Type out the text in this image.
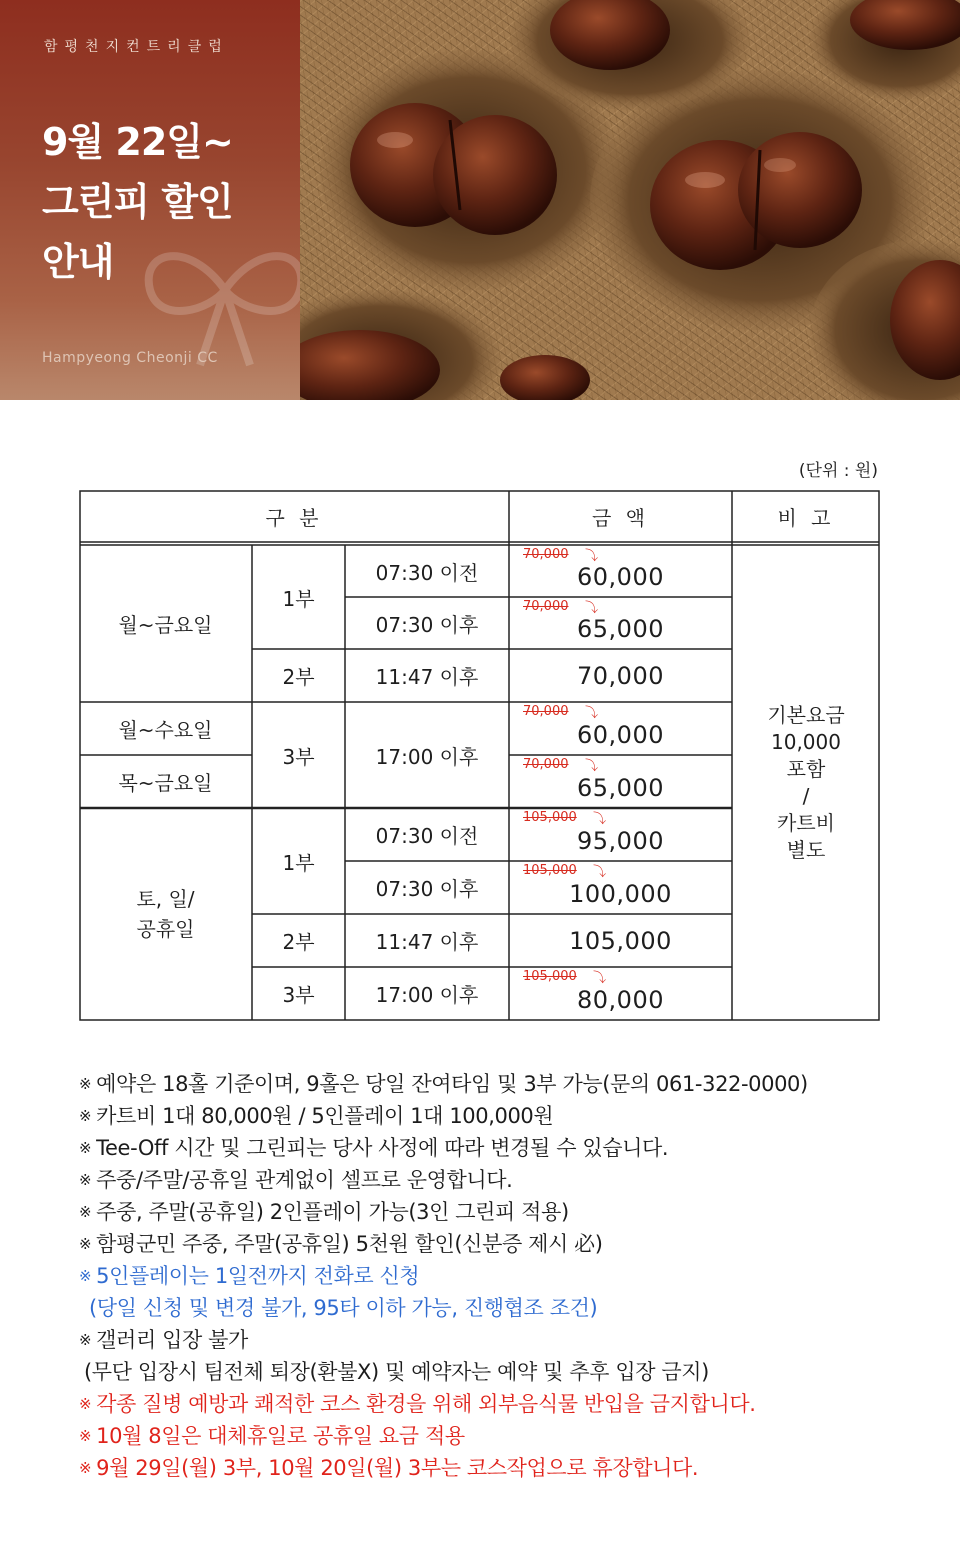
함평천지컨트리클럽
9월 22일~
그린피 할인
안내
Hampyeong Cheonji CC
(단위 : 원)
구 분	금 액	비 고
월~금요일
월~수요일
목~금요일
토, 일/
공휴일
1부
2부
3부
1부
2부
3부
07:30 이전
07:30 이후
11:47 이후
17:00 이후
07:30 이전
07:30 이후
11:47 이후
17:00 이후
70,000 ⤵
60,000
70,000 ⤵
65,000
70,000
70,000 ⤵
60,000
70,000 ⤵
65,000
105,000 ⤵
95,000
105,000 ⤵
100,000
105,000
105,000 ⤵
80,000
기본요금
10,000
포함
/
카트비
별도
※ 예약은 18홀 기준이며, 9홀은 당일 잔여타임 및 3부 가능(문의 061-322-0000)
※ 카트비 1대 80,000원 / 5인플레이 1대 100,000원
※ Tee-Off 시간 및 그린피는 당사 사정에 따라 변경될 수 있습니다.
※ 주중/주말/공휴일 관계없이 셀프로 운영합니다.
※ 주중, 주말(공휴일) 2인플레이 가능(3인 그린피 적용)
※ 함평군민 주중, 주말(공휴일) 5천원 할인(신분증 제시 必)
※ 5인플레이는 1일전까지 전화로 신청
(당일 신청 및 변경 불가, 95타 이하 가능, 진행협조 조건)
※ 갤러리 입장 불가
(무단 입장시 팀전체 퇴장(환불X) 및 예약자는 예약 및 추후 입장 금지)
※ 각종 질병 예방과 쾌적한 코스 환경을 위해 외부음식물 반입을 금지합니다.
※ 10월 8일은 대체휴일로 공휴일 요금 적용
※ 9월 29일(월) 3부, 10월 20일(월) 3부는 코스작업으로 휴장합니다.
